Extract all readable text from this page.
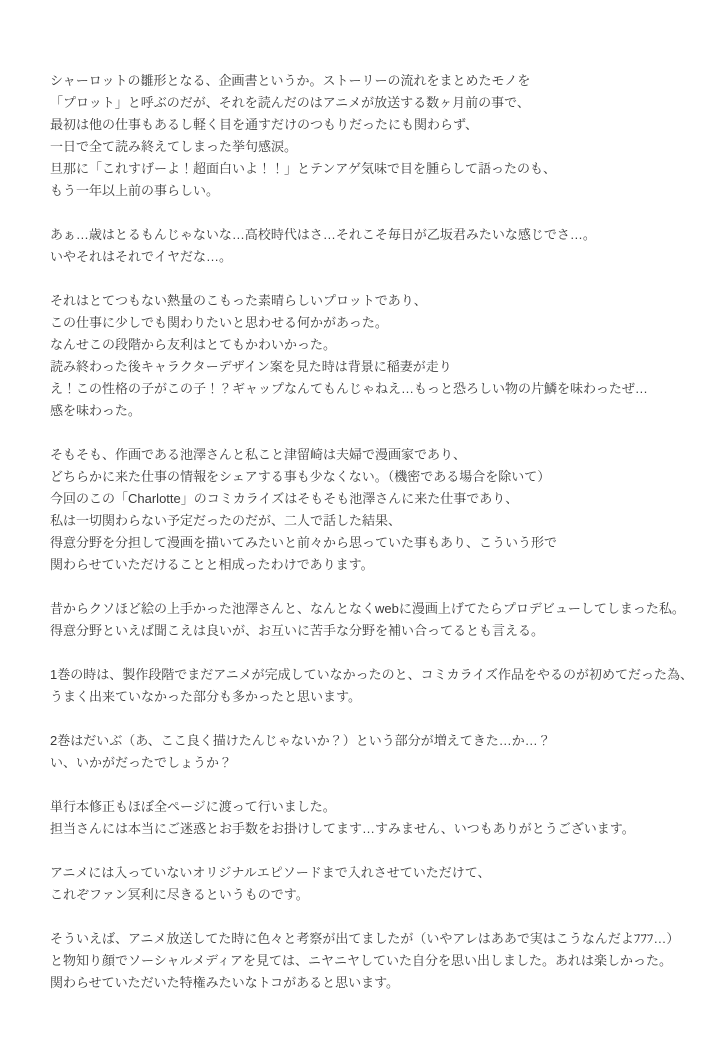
シャーロットの雛形となる、企画書というか。ストーリーの流れをまとめたモノを
「プロット」と呼ぶのだが、それを読んだのはアニメが放送する数ヶ月前の事で、
最初は他の仕事もあるし軽く目を通すだけのつもりだったにも関わらず、
一日で全て読み終えてしまった挙句感涙。
旦那に「これすげーよ！超面白いよ！！」とテンアゲ気味で目を腫らして語ったのも、
もう一年以上前の事らしい。

あぁ…歳はとるもんじゃないな…高校時代はさ…それこそ毎日が乙坂君みたいな感じでさ…。
いやそれはそれでイヤだな…。

それはとてつもない熱量のこもった素晴らしいプロットであり、
この仕事に少しでも関わりたいと思わせる何かがあった。
なんせこの段階から友利はとてもかわいかった。
読み終わった後キャラクターデザイン案を見た時は背景に稲妻が走り
え！この性格の子がこの子！？ギャップなんてもんじゃねえ…もっと恐ろしい物の片鱗を味わったぜ…
感を味わった。

そもそも、作画である池澤さんと私こと津留崎は夫婦で漫画家であり、
どちらかに来た仕事の情報をシェアする事も少なくない。（機密である場合を除いて）
今回のこの「Charlotte」のコミカライズはそもそも池澤さんに来た仕事であり、
私は一切関わらない予定だったのだが、二人で話した結果、
得意分野を分担して漫画を描いてみたいと前々から思っていた事もあり、こういう形で
関わらせていただけることと相成ったわけであります。

昔からクソほど絵の上手かった池澤さんと、なんとなくwebに漫画上げてたらプロデビューしてしまった私。
得意分野といえば聞こえは良いが、お互いに苦手な分野を補い合ってるとも言える。

1巻の時は、製作段階でまだアニメが完成していなかったのと、コミカライズ作品をやるのが初めてだった為、
うまく出来ていなかった部分も多かったと思います。

2巻はだいぶ（あ、ここ良く描けたんじゃないか？）という部分が増えてきた…か…？
い、いかがだったでしょうか？

単行本修正もほぼ全ページに渡って行いました。
担当さんには本当にご迷惑とお手数をお掛けしてます…すみません、いつもありがとうございます。

アニメには入っていないオリジナルエピソードまで入れさせていただけて、
これぞファン冥利に尽きるというものです。

そういえば、アニメ放送してた時に色々と考察が出てましたが（いやアレはああで実はこうなんだよﾌﾌﾌ…）
と物知り顔でソーシャルメディアを見ては、ニヤニヤしていた自分を思い出しました。あれは楽しかった。
関わらせていただいた特権みたいなトコがあると思います。
